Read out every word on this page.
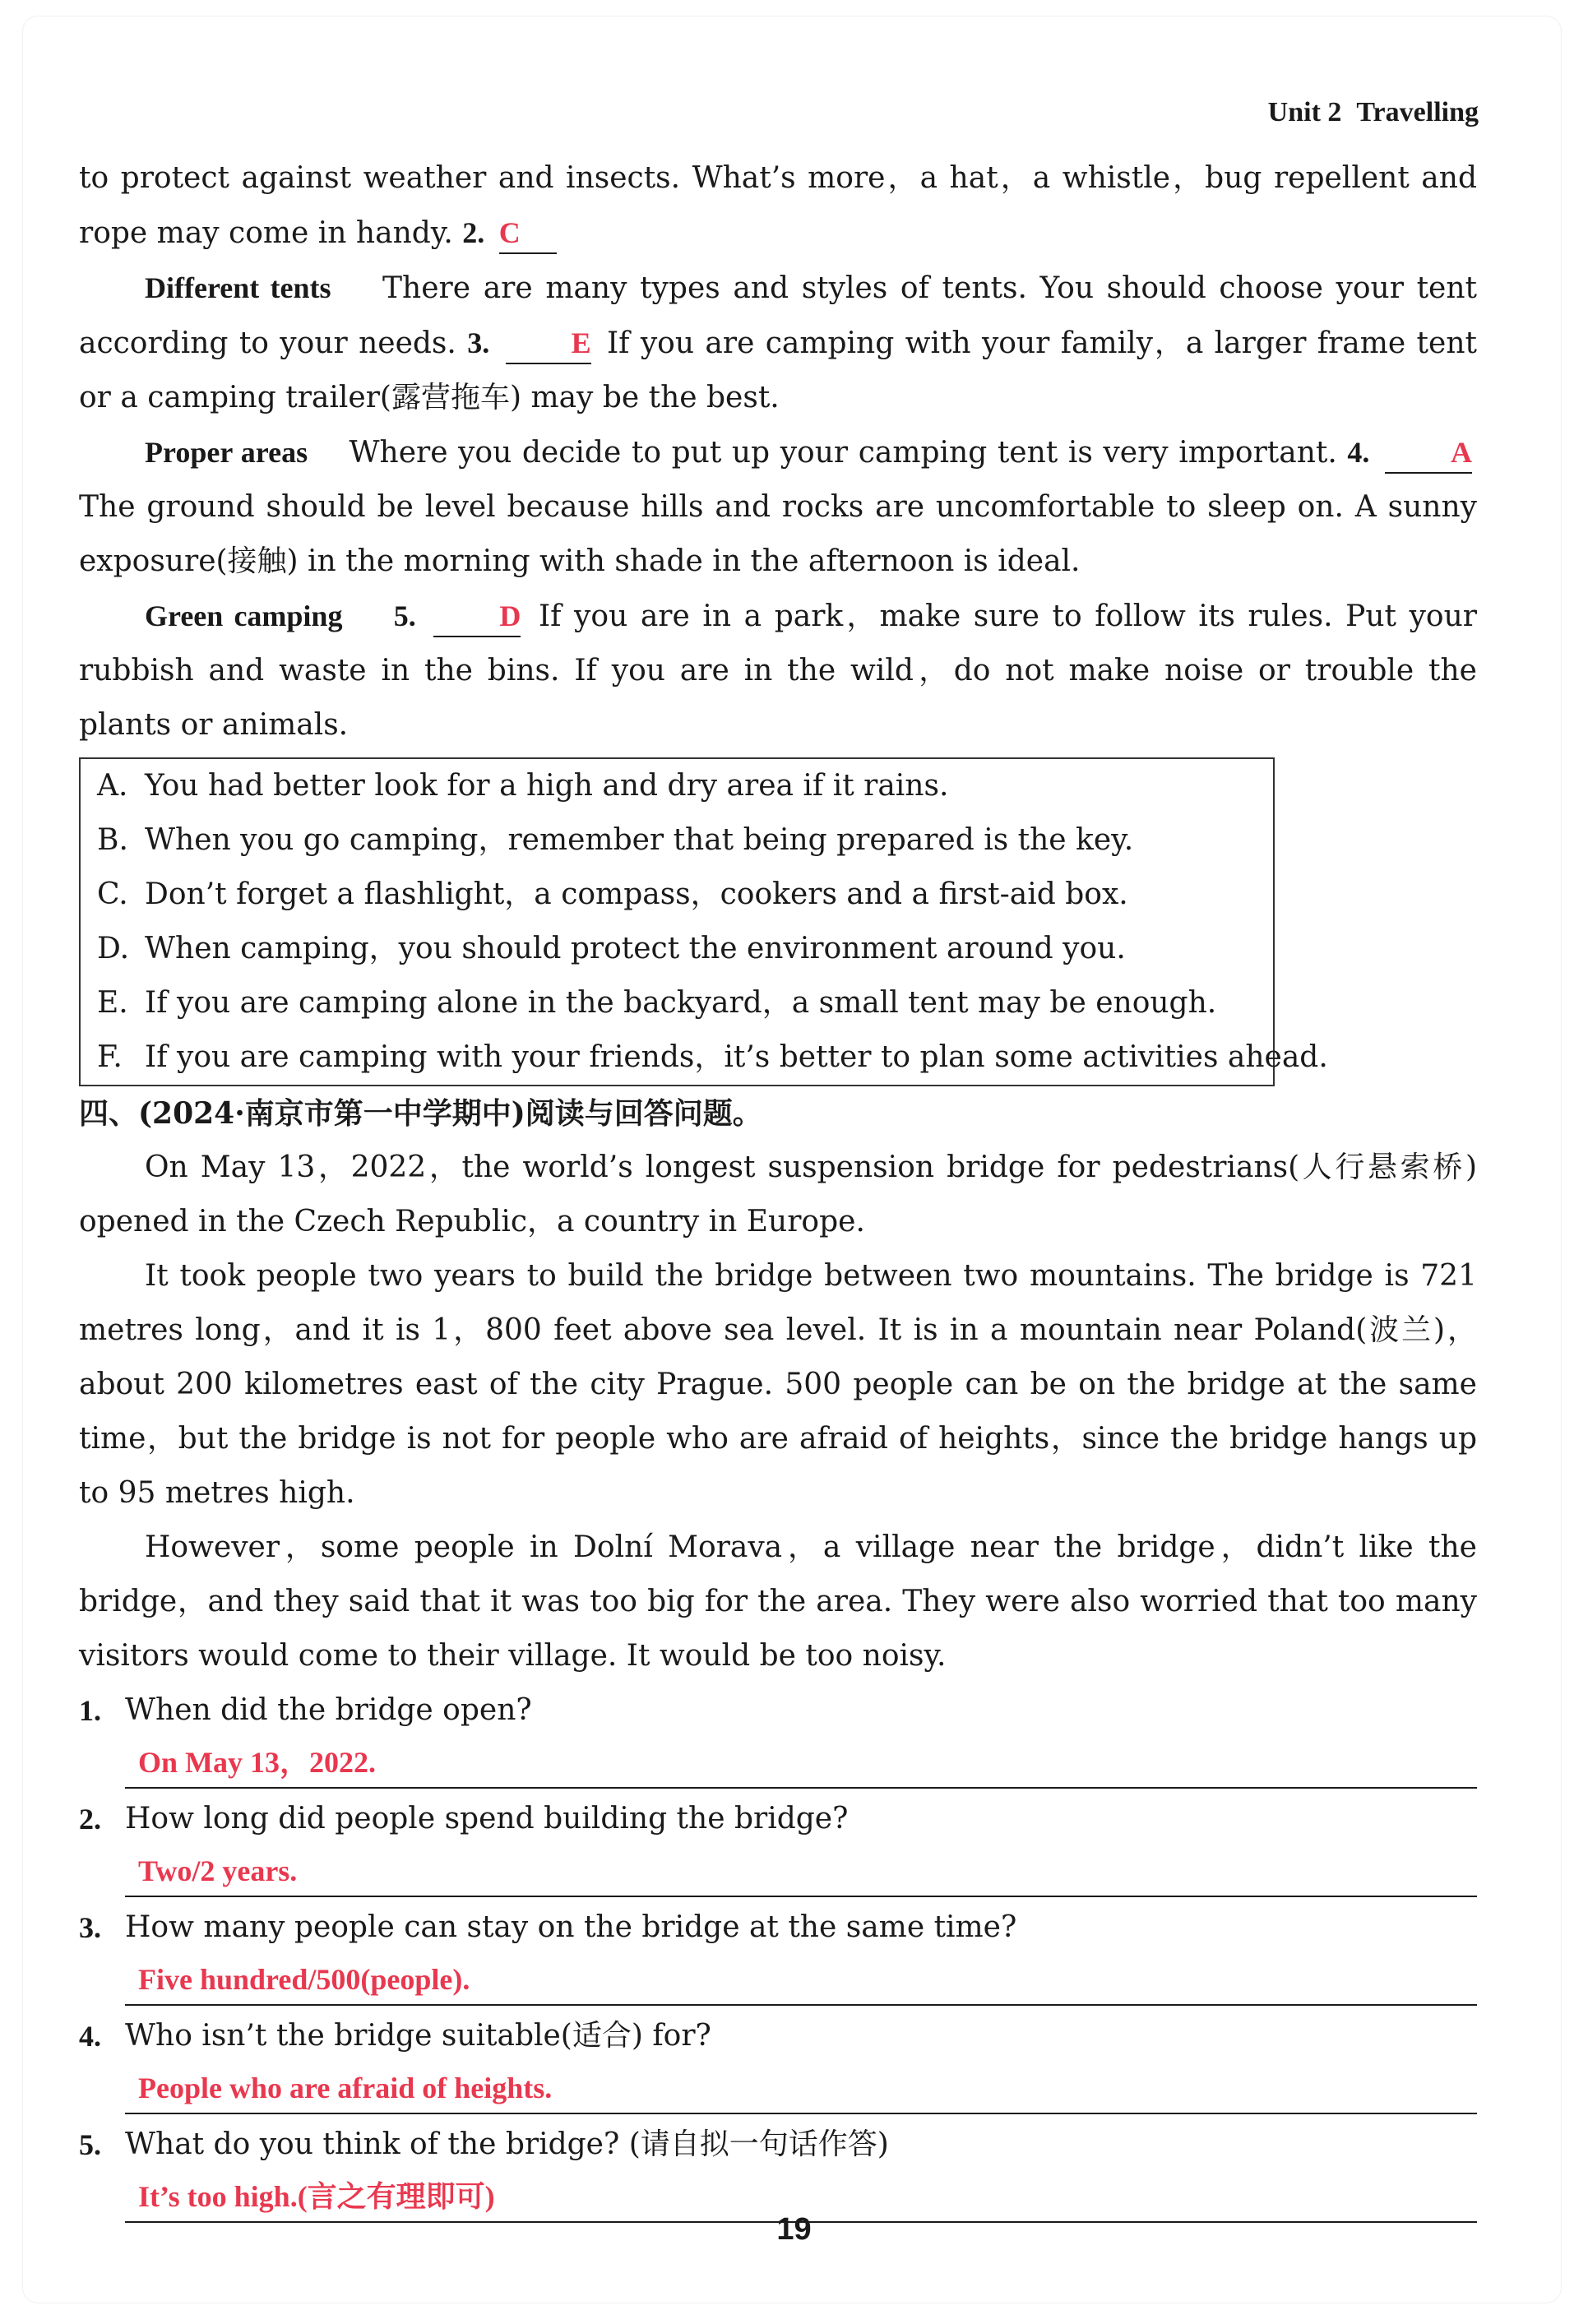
Unit 2 Travelling
to protect against weather and insects. What’s more，a hat，a whistle，bug repellent and rope may come in handy. 2. C
Different tents There are many types and styles of tents. You should choose your tent according to your needs. 3.	E If you are camping with your family，a larger frame tent or a camping trailer(露营拖车) may be the best.
Proper areas Where you decide to put up your camping tent is very important. 4.	A The ground should be level because hills and rocks are uncomfortable to sleep on. A sunny exposure(接触) in the morning with shade in the afternoon is ideal.
Green camping 5.	D If you are in a park，make sure to follow its rules. Put your rubbish and waste in the bins. If you are in the wild，do not make noise or trouble the plants or animals.
A. You had better look for a high and dry area if it rains.
B. When you go camping，remember that being prepared is the key.
C. Don’t forget a flashlight，a compass，cookers and a first-aid box.
D. When camping，you should protect the environment around you.
E. If you are camping alone in the backyard，a small tent may be enough.
F. If you are camping with your friends，it’s better to plan some activities ahead.
四、(2024·南京市第一中学期中)阅读与回答问题。
On May 13，2022，the world’s longest suspension bridge for pedestrians(人行悬索桥) opened in the Czech Republic，a country in Europe.
It took people two years to build the bridge between two mountains. The bridge is 721 metres long，and it is 1，800 feet above sea level. It is in a mountain near Poland(波兰)，about 200 kilometres east of the city Prague. 500 people can be on the bridge at the same time，but the bridge is not for people who are afraid of heights，since the bridge hangs up to 95 metres high.
However，some people in Dolní Morava，a village near the bridge，didn’t like the bridge，and they said that it was too big for the area. They were also worried that too many visitors would come to their village. It would be too noisy.
1. When did the bridge open?
On May 13，2022.
2. How long did people spend building the bridge?
Two/2 years.
3. How many people can stay on the bridge at the same time?
Five hundred/500(people).
4. Who isn’t the bridge suitable(适合) for?
People who are afraid of heights.
5. What do you think of the bridge? (请自拟一句话作答)
It’s too high.(言之有理即可)
19
